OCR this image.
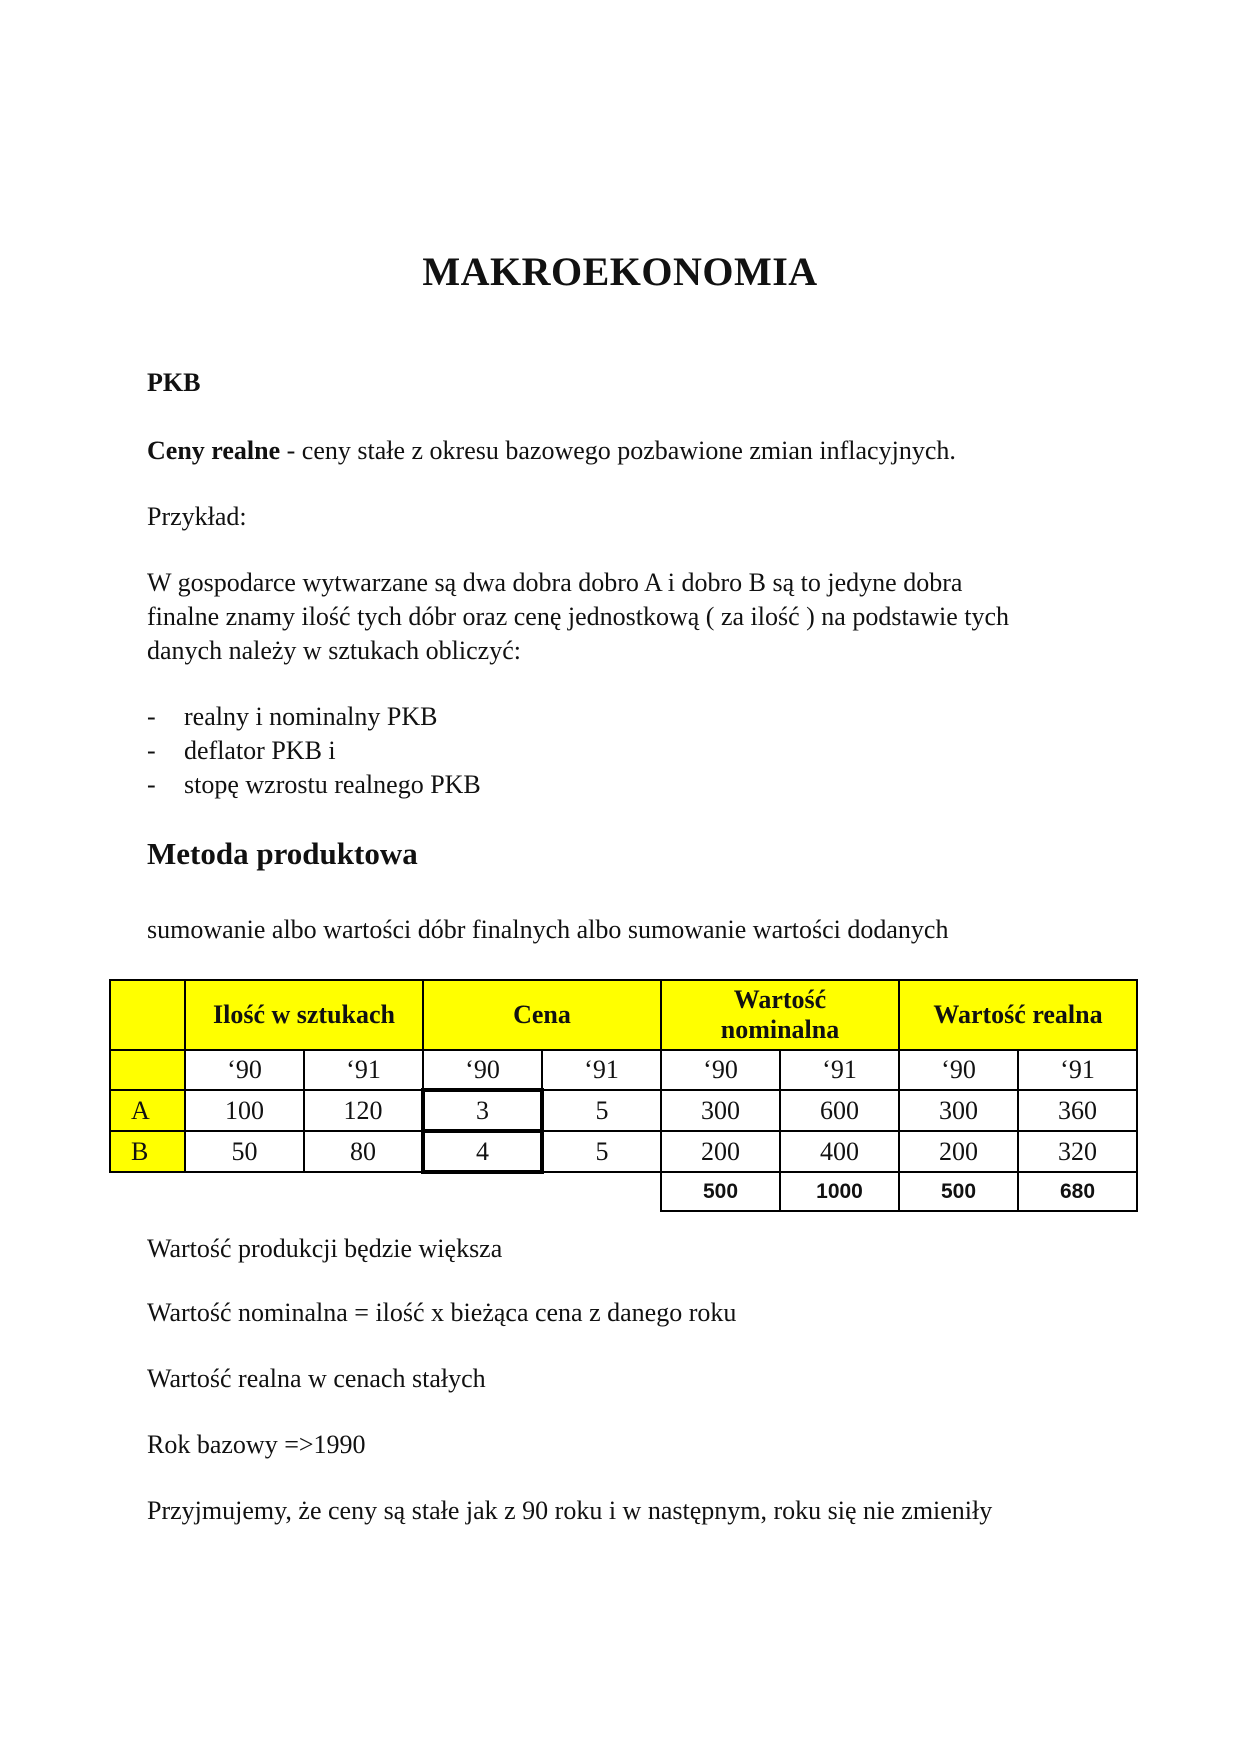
MAKROEKONOMIA

PKB

Ceny realne - ceny stałe z okresu bazowego pozbawione zmian inflacyjnych.

Przykład:

W gospodarce wytwarzane są dwa dobra dobro A i dobro B są to jedyne dobra

finalne znamy ilość tych dóbr oraz cenę jednostkową ( za ilość ) na podstawie tych

danych należy w sztukach obliczyć:

- realny i nominalny PKB
- deflator PKB i
- stopę wzrostu realnego PKB

Metoda produktowa

sumowanie albo wartości dóbr finalnych albo sumowanie wartości dodanych

	Ilość w sztukach		Cena		Wartość
nominalna		Wartość realna	
	‘90	‘91	‘90	‘91	‘90	‘91	‘90	‘91
A	100	120	3	5	300	600	300	360
B	50	80	4	5	200	400	200	320
					500	1000	500	680

Wartość produkcji będzie większa

Wartość nominalna = ilość x bieżąca cena z danego roku

Wartość realna w cenach stałych

Rok bazowy =>1990

Przyjmujemy, że ceny są stałe jak z 90 roku i w następnym, roku się nie zmieniły
